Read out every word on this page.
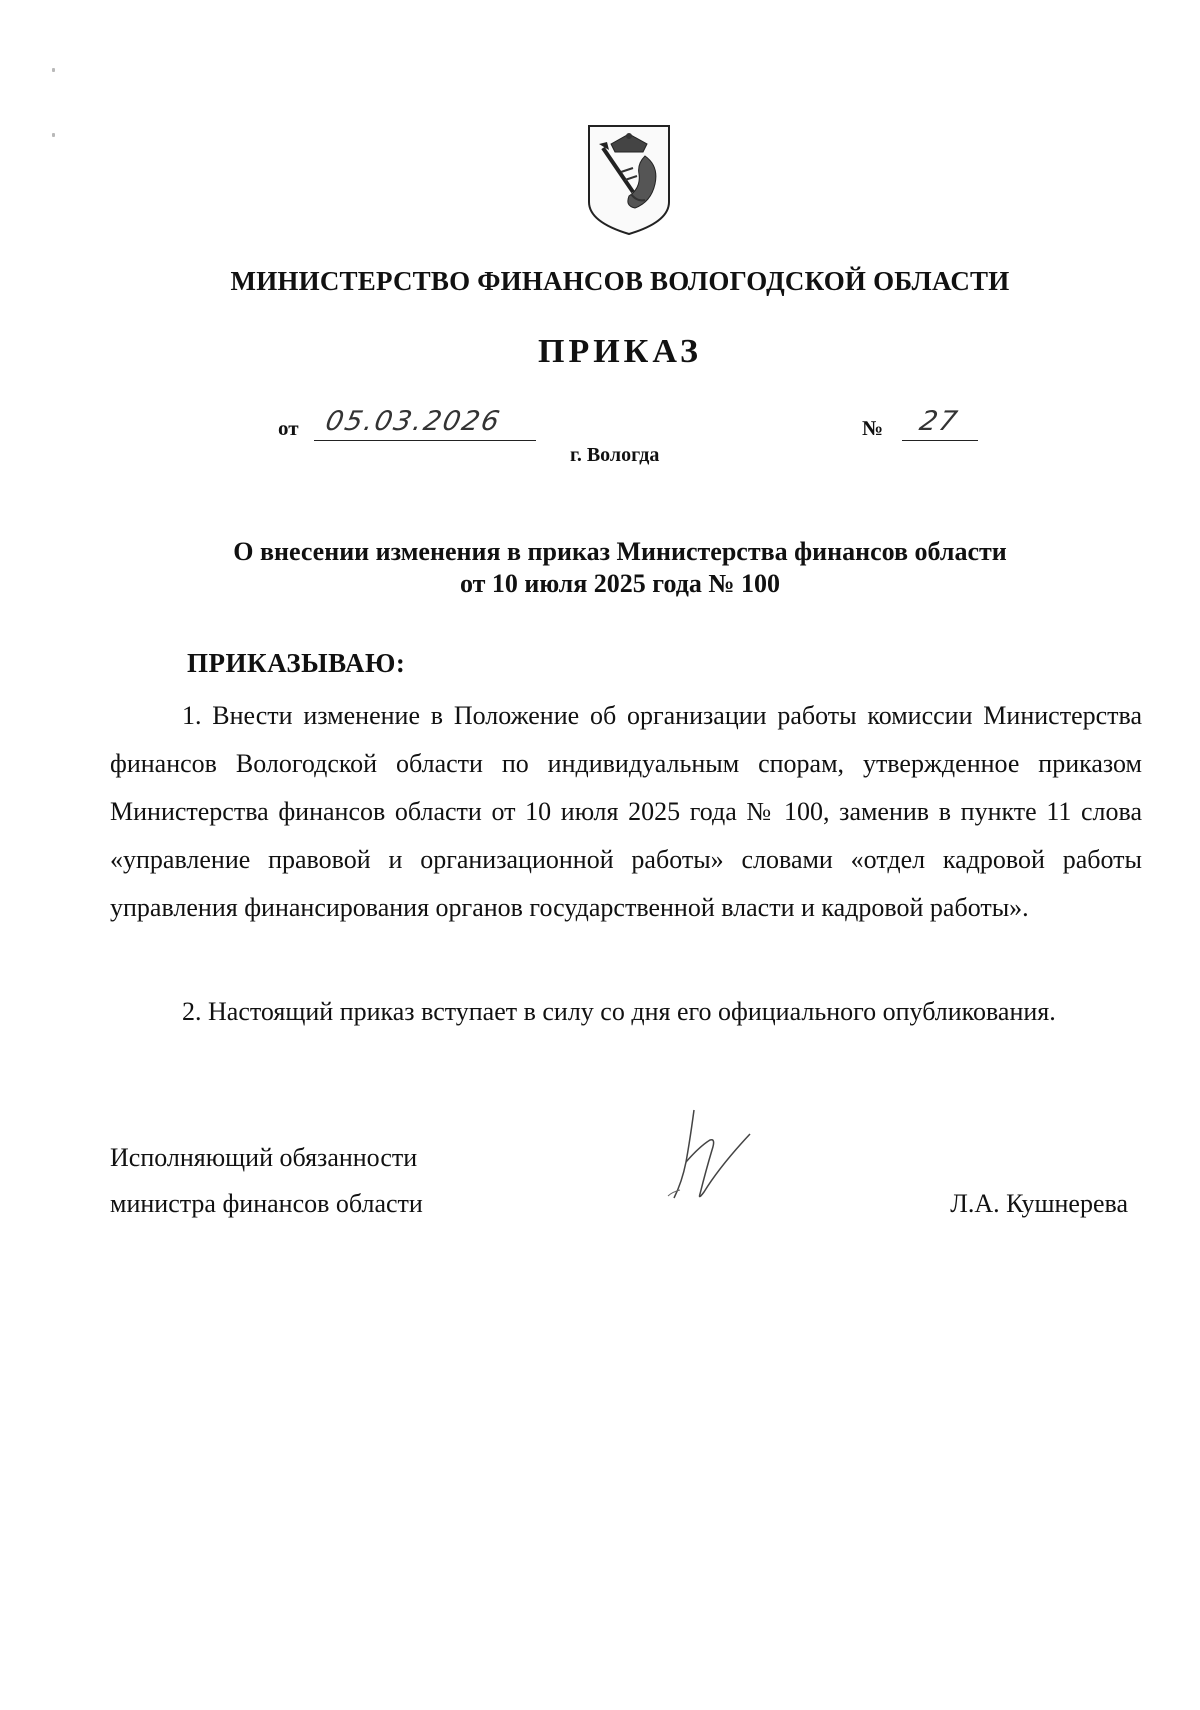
МИНИСТЕРСТВО ФИНАНСОВ ВОЛОГОДСКОЙ ОБЛАСТИ
ПРИКАЗ
от 05.03.2026	№ 27
г. Вологда
О внесении изменения в приказ Министерства финансов области
от 10 июля 2025 года № 100
ПРИКАЗЫВАЮ:
1. Внести изменение в Положение об организации работы комиссии Министерства финансов Вологодской области по индивидуальным спорам, утвержденное приказом Министерства финансов области от 10 июля 2025 года № 100, заменив в пункте 11 слова «управление правовой и организационной работы» словами «отдел кадровой работы управления финансирования органов государственной власти и кадровой работы».
2. Настоящий приказ вступает в силу со дня его официального опубликования.
Исполняющий обязанности
министра финансов области	Л.А. Кушнерева
